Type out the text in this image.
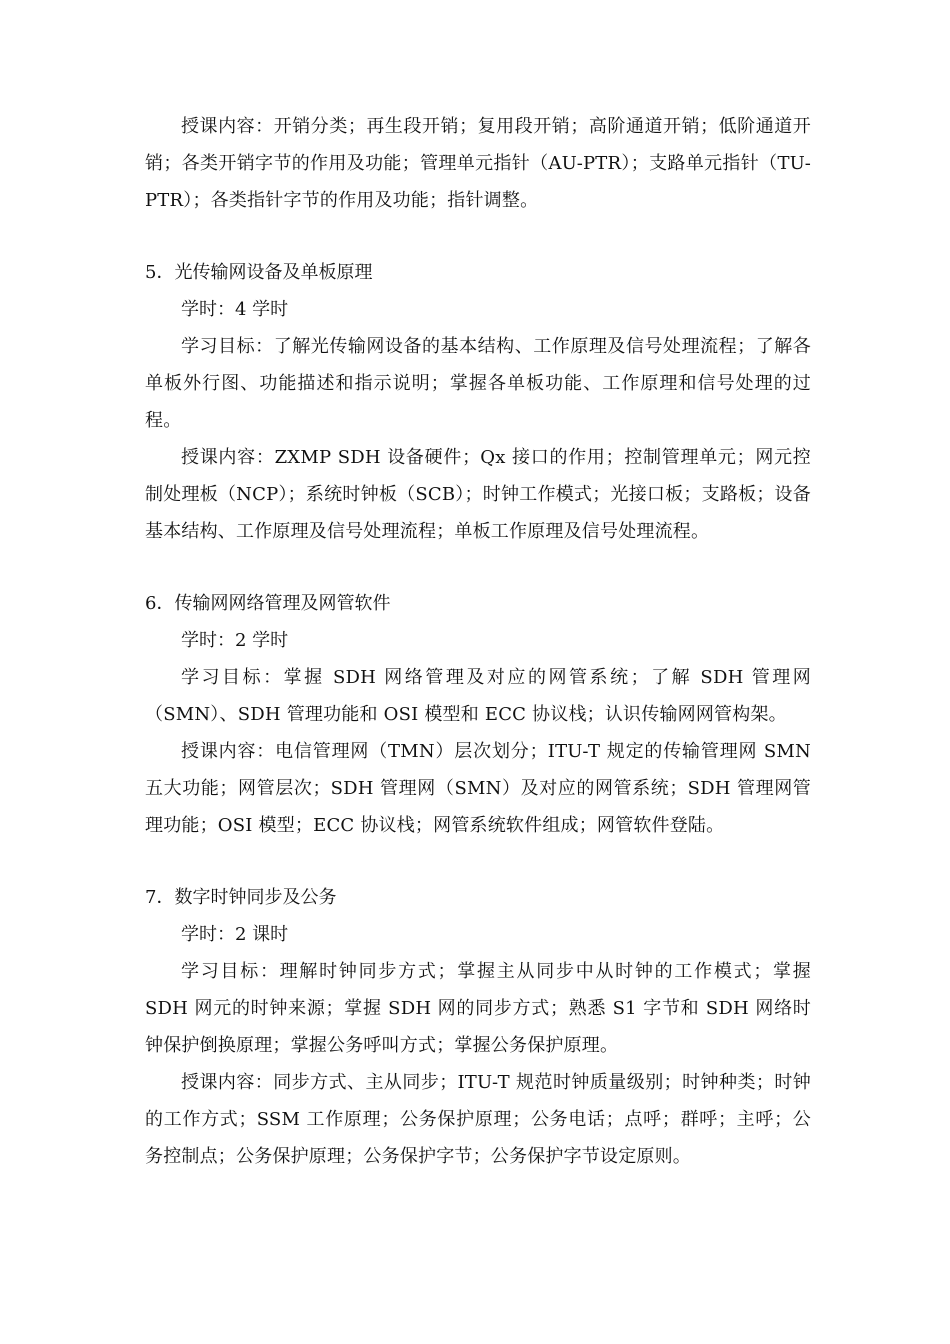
授课内容：开销分类；再生段开销；复用段开销；高阶通道开销；低阶通道开销；各类开销字节的作用及功能；管理单元指针（AU-PTR）；支路单元指针（TU-PTR）；各类指针字节的作用及功能；指针调整。

5．光传输网设备及单板原理

学时：4 学时

学习目标：了解光传输网设备的基本结构、工作原理及信号处理流程；了解各单板外行图、功能描述和指示说明；掌握各单板功能、工作原理和信号处理的过程。

授课内容：ZXMP SDH 设备硬件；Qx 接口的作用；控制管理单元；网元控制处理板（NCP）；系统时钟板（SCB）；时钟工作模式；光接口板；支路板；设备基本结构、工作原理及信号处理流程；单板工作原理及信号处理流程。

6．传输网网络管理及网管软件

学时：2 学时

学习目标：掌握 SDH 网络管理及对应的网管系统；了解 SDH 管理网（SMN）、SDH 管理功能和 OSI 模型和 ECC 协议栈；认识传输网网管构架。

授课内容：电信管理网（TMN）层次划分；ITU-T 规定的传输管理网 SMN 五大功能；网管层次；SDH 管理网（SMN）及对应的网管系统；SDH 管理网管理功能；OSI 模型；ECC 协议栈；网管系统软件组成；网管软件登陆。

7．数字时钟同步及公务

学时：2 课时

学习目标：理解时钟同步方式；掌握主从同步中从时钟的工作模式；掌握 SDH 网元的时钟来源；掌握 SDH 网的同步方式；熟悉 S1 字节和 SDH 网络时钟保护倒换原理；掌握公务呼叫方式；掌握公务保护原理。

授课内容：同步方式、主从同步；ITU-T 规范时钟质量级别；时钟种类；时钟的工作方式；SSM 工作原理；公务保护原理；公务电话；点呼；群呼；主呼；公务控制点；公务保护原理；公务保护字节；公务保护字节设定原则。
